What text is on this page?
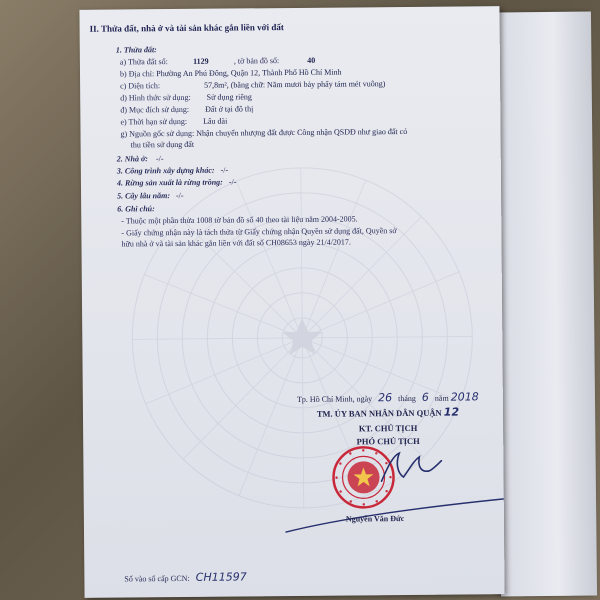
II. Thửa đất, nhà ở và tài sản khác gắn liền với đất
1. Thửa đất:
a) Thửa đất số:	1129	, tờ bản đồ số:	40
b) Địa chỉ: Phường An Phú Đông, Quận 12, Thành Phố Hồ Chí Minh
c) Diện tích:	57,8m², (bằng chữ: Năm mươi bảy phẩy tám mét vuông)
d) Hình thức sử dụng: Sử dụng riêng
đ) Mục đích sử dụng: Đất ở tại đô thị
e) Thời hạn sử dụng: Lâu dài
g) Nguồn gốc sử dụng: Nhận chuyển nhượng đất được Công nhận QSDĐ như giao đất có
thu tiền sử dụng đất
2. Nhà ở: -/-
3. Công trình xây dựng khác: -/-
4. Rừng sản xuất là rừng trồng: -/-
5. Cây lâu năm: -/-
6. Ghi chú:
- Thuộc một phần thửa 1008 tờ bản đồ số 40 theo tài liệu năm 2004-2005.
- Giấy chứng nhận này là tách thửa từ Giấy chứng nhận Quyền sử dụng đất, Quyền sở
hữu nhà ở và tài sản khác gắn liền với đất số CH08653 ngày 21/4/2017.
Tp. Hồ Chí Minh, ngày 26 tháng 6 năm 2018
TM. ỦY BAN NHÂN DÂN QUẬN 12
KT. CHỦ TỊCH
PHÓ CHỦ TỊCH
Nguyễn Văn Đức
Số vào sổ cấp GCN: CH11597
